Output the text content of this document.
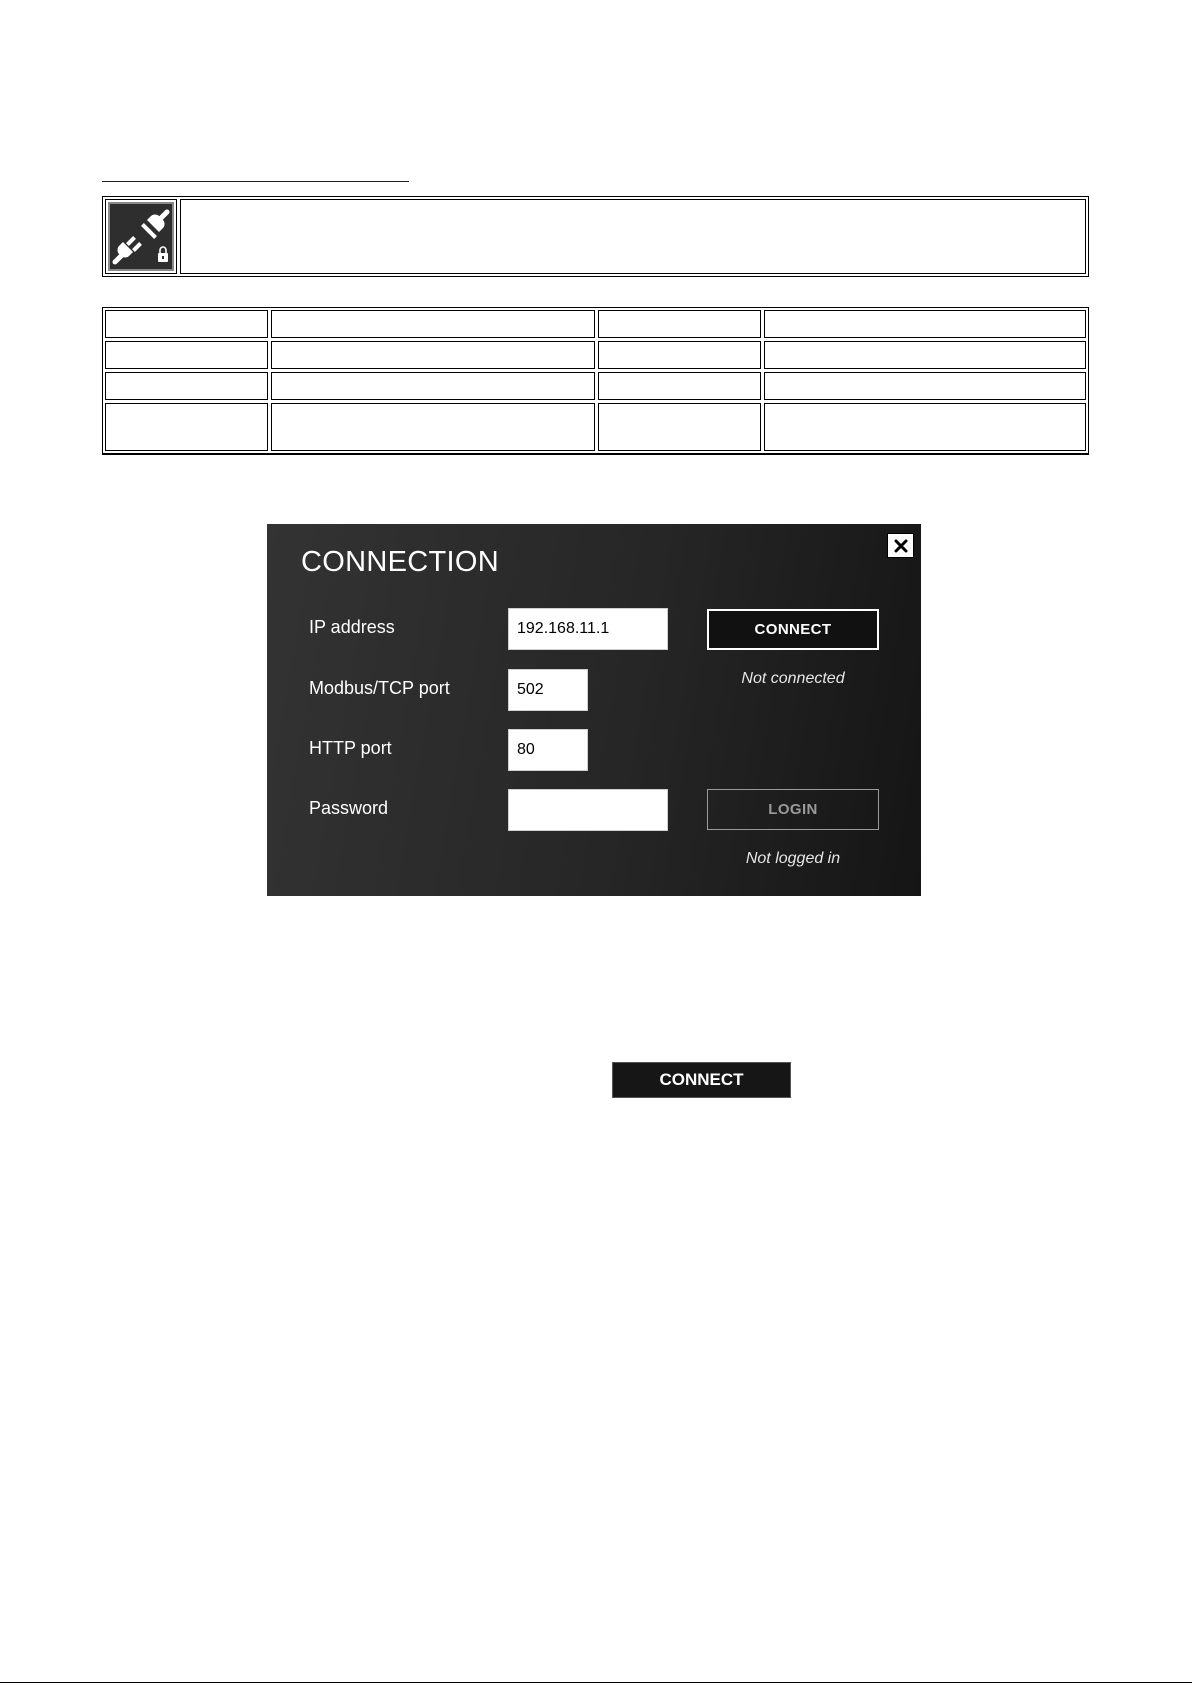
CONNECTION
IP address
192.168.11.1
Modbus/TCP port
502
HTTP port
80
Password
CONNECT
Not connected
LOGIN
Not logged in
CONNECT
